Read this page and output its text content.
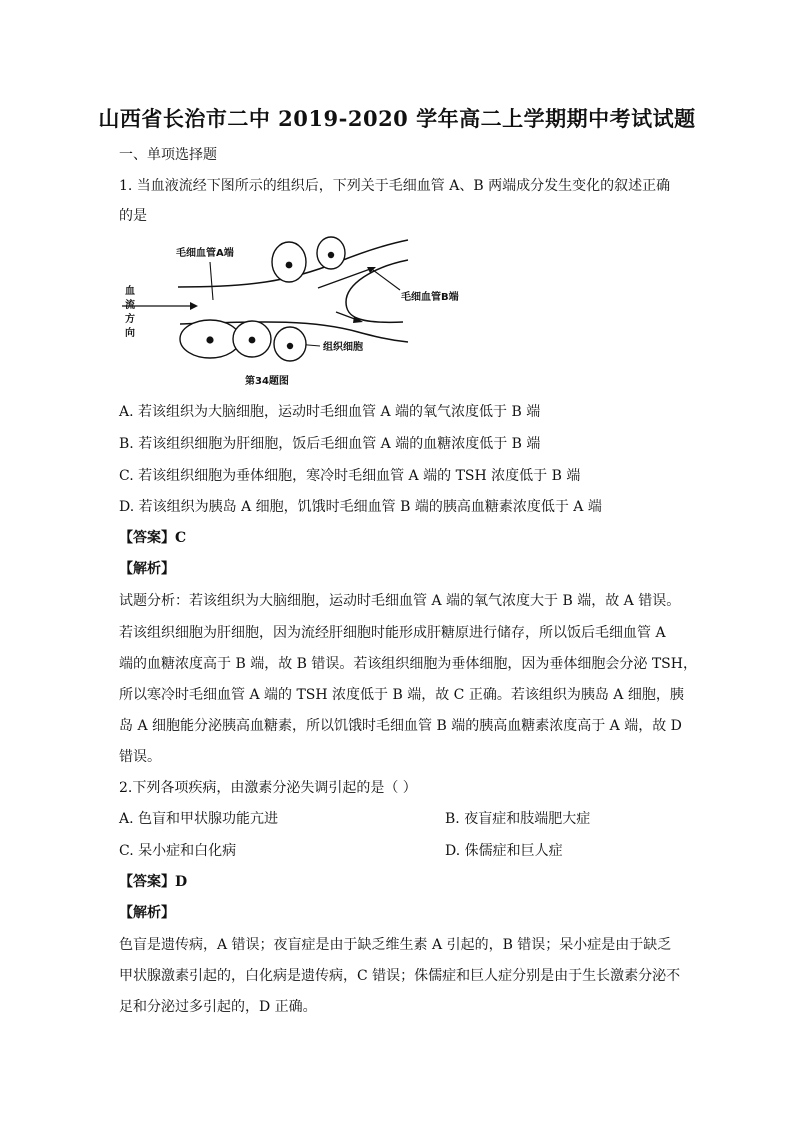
山西省长治市二中 2019-2020 学年高二上学期期中考试试题
一、单项选择题
1. 当血液流经下图所示的组织后，下列关于毛细血管 A、B 两端成分发生变化的叙述正确
的是
毛细血管A端
毛细血管B端
血
流
方
向
组织细胞
第34题图
A. 若该组织为大脑细胞，运动时毛细血管 A 端的氧气浓度低于 B 端
B. 若该组织细胞为肝细胞，饭后毛细血管 A 端的血糖浓度低于 B 端
C. 若该组织细胞为垂体细胞，寒冷时毛细血管 A 端的 TSH 浓度低于 B 端
D. 若该组织为胰岛 A 细胞，饥饿时毛细血管 B 端的胰高血糖素浓度低于 A 端
【答案】C
【解析】
试题分析：若该组织为大脑细胞，运动时毛细血管 A 端的氧气浓度大于 B 端，故 A 错误。
若该组织细胞为肝细胞，因为流经肝细胞时能形成肝糖原进行储存，所以饭后毛细血管 A
端的血糖浓度高于 B 端，故 B 错误。若该组织细胞为垂体细胞，因为垂体细胞会分泌 TSH，
所以寒冷时毛细血管 A 端的 TSH 浓度低于 B 端，故 C 正确。若该组织为胰岛 A 细胞，胰
岛 A 细胞能分泌胰高血糖素，所以饥饿时毛细血管 B 端的胰高血糖素浓度高于 A 端，故 D
错误。
2.下列各项疾病，由激素分泌失调引起的是（ ）
A. 色盲和甲状腺功能亢进	B. 夜盲症和肢端肥大症
C. 呆小症和白化病	D. 侏儒症和巨人症
【答案】D
【解析】
色盲是遗传病，A 错误；夜盲症是由于缺乏维生素 A 引起的，B 错误；呆小症是由于缺乏
甲状腺激素引起的，白化病是遗传病，C 错误；侏儒症和巨人症分别是由于生长激素分泌不
足和分泌过多引起的，D 正确。
